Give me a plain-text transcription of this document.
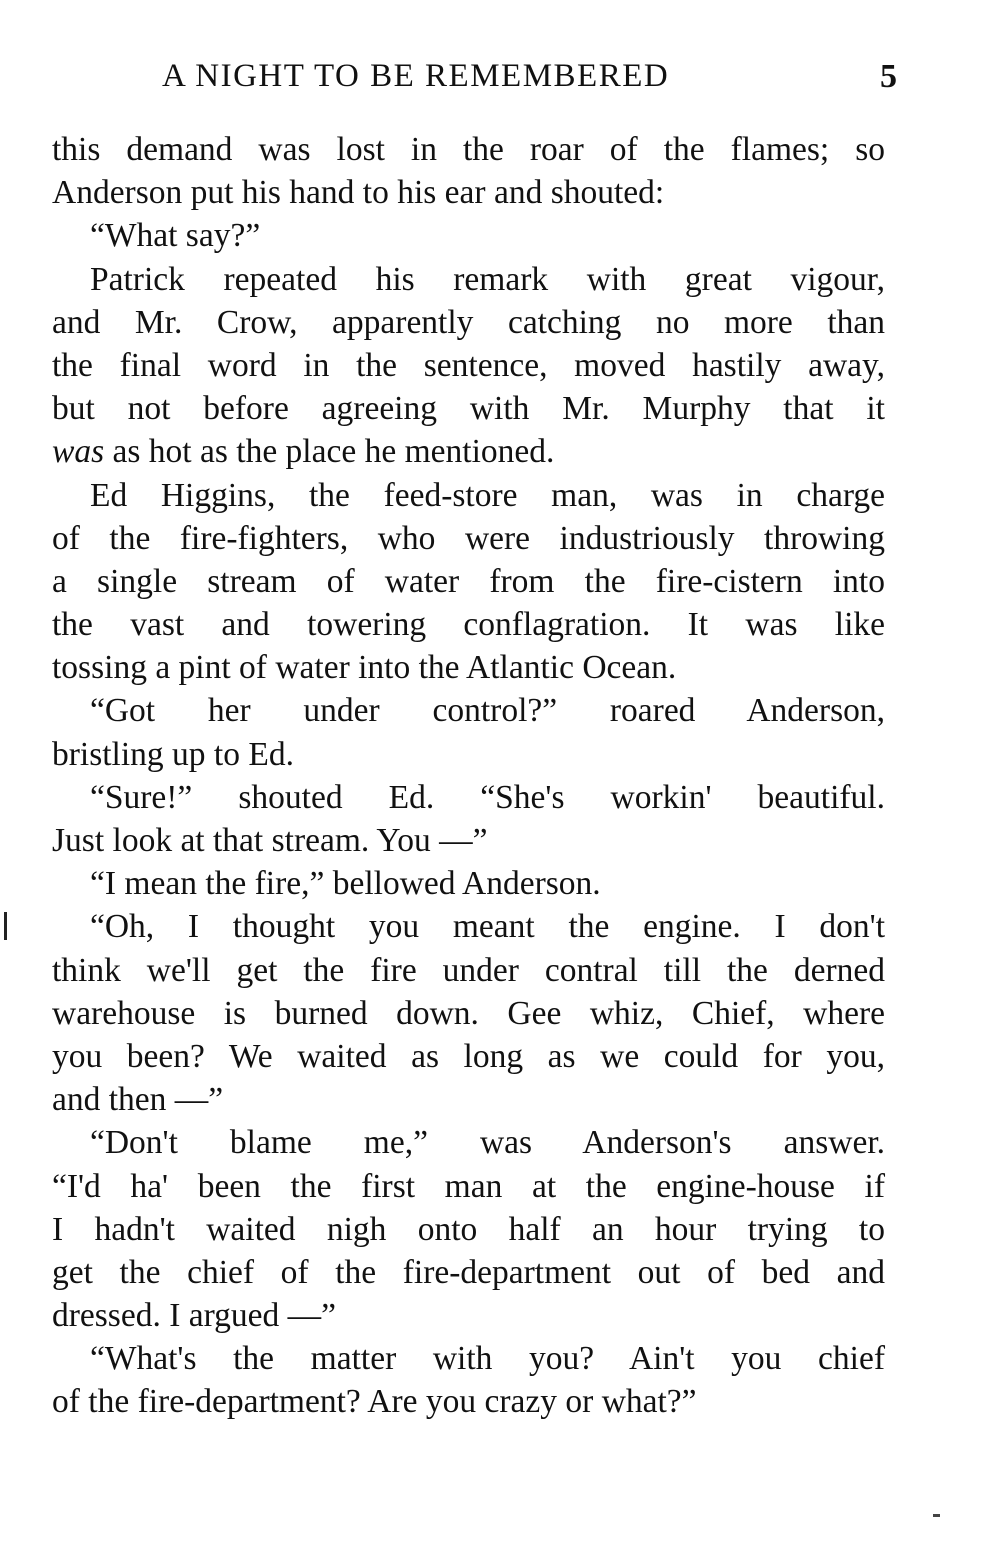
A NIGHT TO BE REMEMBERED	5
this demand was lost in the roar of the flames; so
Anderson put his hand to his ear and shouted:
“What say?”
Patrick repeated his remark with great vigour,
and Mr. Crow, apparently catching no more than
the final word in the sentence, moved hastily away,
but not before agreeing with Mr. Murphy that it
was as hot as the place he mentioned.
Ed Higgins, the feed-store man, was in charge
of the fire-fighters, who were industriously throwing
a single stream of water from the fire-cistern into
the vast and towering conflagration. It was like
tossing a pint of water into the Atlantic Ocean.
“Got her under control?” roared Anderson,
bristling up to Ed.
“Sure!” shouted Ed. “She's workin' beautiful.
Just look at that stream. You —”
“I mean the fire,” bellowed Anderson.
“Oh, I thought you meant the engine. I don't
think we'll get the fire under contral till the derned
warehouse is burned down. Gee whiz, Chief, where
you been? We waited as long as we could for you,
and then —”
“Don't blame me,” was Anderson's answer.
“I'd ha' been the first man at the engine-house if
I hadn't waited nigh onto half an hour trying to
get the chief of the fire-department out of bed and
dressed. I argued —”
“What's the matter with you? Ain't you chief
of the fire-department? Are you crazy or what?”
